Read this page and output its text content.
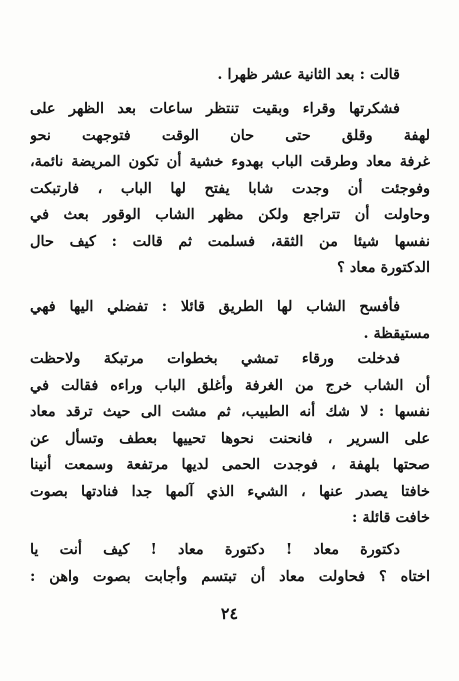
قالت : بعد الثانية عشر ظهرا .
فشكرتها وقراء وبقيت تنتظر ساعات بعد الظهر على
لهفة وقلق حتى حان الوقت فتوجهت نحو
غرفة معاد وطرقت الباب بهدوء خشية أن تكون المريضة نائمة،
وفوجئت أن وجدت شابا يفتح لها الباب ، فارتبكت
وحاولت أن تتراجع ولكن مظهر الشاب الوقور بعث في
نفسها شيئا من الثقة، فسلمت ثم قالت : كيف حال
الدكتورة معاد ؟
فأفسح الشاب لها الطريق قائلا : تفضلي اليها فهي
مستيقظة .
فدخلت ورقاء تمشي بخطوات مرتبكة ولاحظت
أن الشاب خرج من الغرفة وأغلق الباب وراءه فقالت في
نفسها : لا شك أنه الطبيب، ثم مشت الى حيث ترقد معاد
على السرير ، فانحنت نحوها تحييها بعطف وتسأل عن
صحتها بلهفة ، فوجدت الحمى لديها مرتفعة وسمعت أنينا
خافتا يصدر عنها ، الشيء الذي آلمها جدا فنادتها بصوت
خافت قائلة :
دكتورة معاد ! دكتورة معاد ! كيف أنت يا
اختاه ؟ فحاولت معاد أن تبتسم وأجابت بصوت واهن :
٢٤
